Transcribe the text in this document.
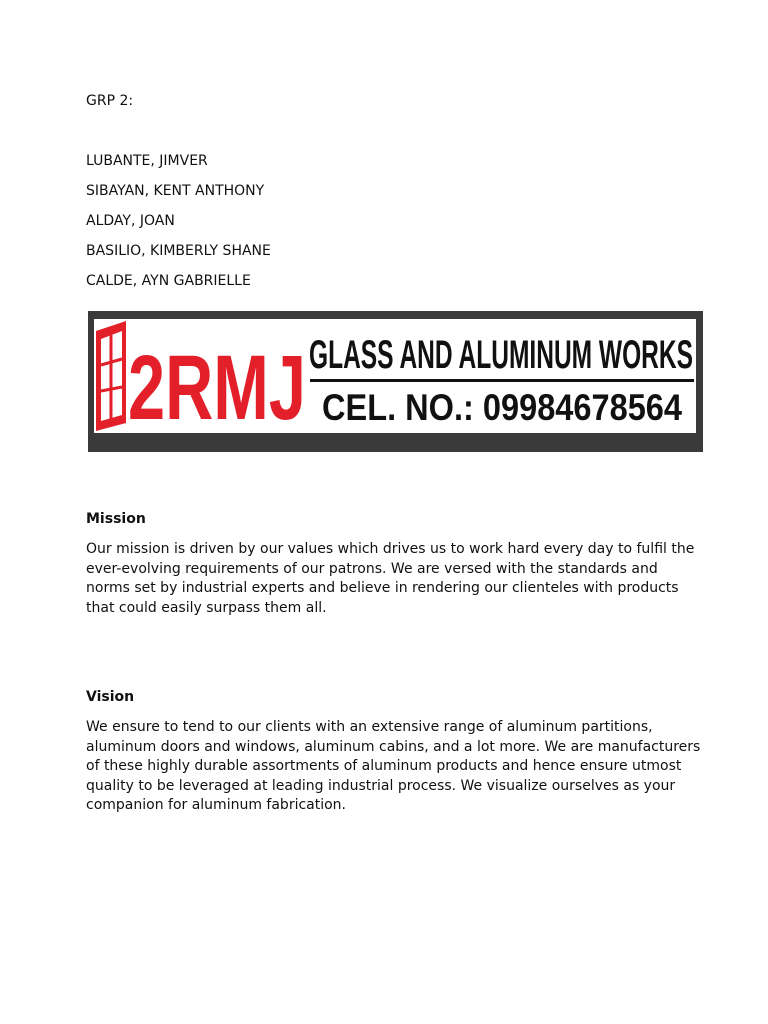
GRP 2:

LUBANTE, JIMVER
SIBAYAN, KENT ANTHONY
ALDAY, JOAN
BASILIO, KIMBERLY SHANE
CALDE, AYN GABRIELLE
2RMJ GLASS AND ALUMINUM WORKS
CEL. NO.: 09984678564
Mission

Our mission is driven by our values which drives us to work hard every day to fulfil the ever-evolving requirements of our patrons. We are versed with the standards and norms set by industrial experts and believe in rendering our clienteles with products that could easily surpass them all.

Vision

We ensure to tend to our clients with an extensive range of aluminum partitions, aluminum doors and windows, aluminum cabins, and a lot more. We are manufacturers of these highly durable assortments of aluminum products and hence ensure utmost quality to be leveraged at leading industrial process. We visualize ourselves as your companion for aluminum fabrication.
